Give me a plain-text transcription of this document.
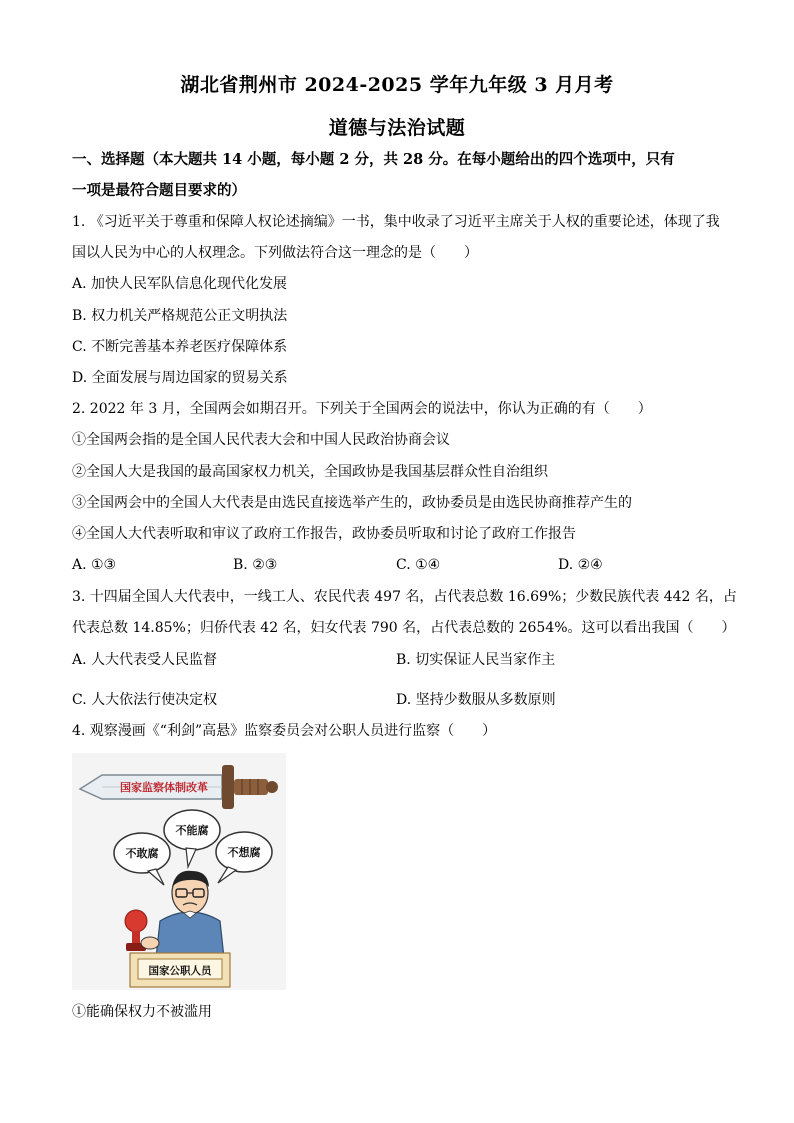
湖北省荆州市 2024-2025 学年九年级 3 月月考
道德与法治试题
一、选择题（本大题共 14 小题，每小题 2 分，共 28 分。在每小题给出的四个选项中，只有
一项是最符合题目要求的）
1. 《习近平关于尊重和保障人权论述摘编》一书，集中收录了习近平主席关于人权的重要论述，体现了我
国以人民为中心的人权理念。下列做法符合这一理念的是（　　）
A. 加快人民军队信息化现代化发展
B. 权力机关严格规范公正文明执法
C. 不断完善基本养老医疗保障体系
D. 全面发展与周边国家的贸易关系
2. 2022 年 3 月，全国两会如期召开。下列关于全国两会的说法中，你认为正确的有（　　）
①全国两会指的是全国人民代表大会和中国人民政治协商会议
②全国人大是我国的最高国家权力机关，全国政协是我国基层群众性自治组织
③全国两会中的全国人大代表是由选民直接选举产生的，政协委员是由选民协商推荐产生的
④全国人大代表听取和审议了政府工作报告，政协委员听取和讨论了政府工作报告
A. ①③	B. ②③	C. ①④	D. ②④
3. 十四届全国人大代表中，一线工人、农民代表 497 名，占代表总数 16.69%；少数民族代表 442 名，占
代表总数 14.85%；归侨代表 42 名，妇女代表 790 名，占代表总数的 2654%。这可以看出我国（　　）
A. 人大代表受人民监督	B. 切实保证人民当家作主
C. 人大依法行使决定权	D. 坚持少数服从多数原则
4. 观察漫画《“利剑”高悬》监察委员会对公职人员进行监察（　　）
国家监察体制改革
不敢腐
不能腐
不想腐
国家公职人员
①能确保权力不被滥用
